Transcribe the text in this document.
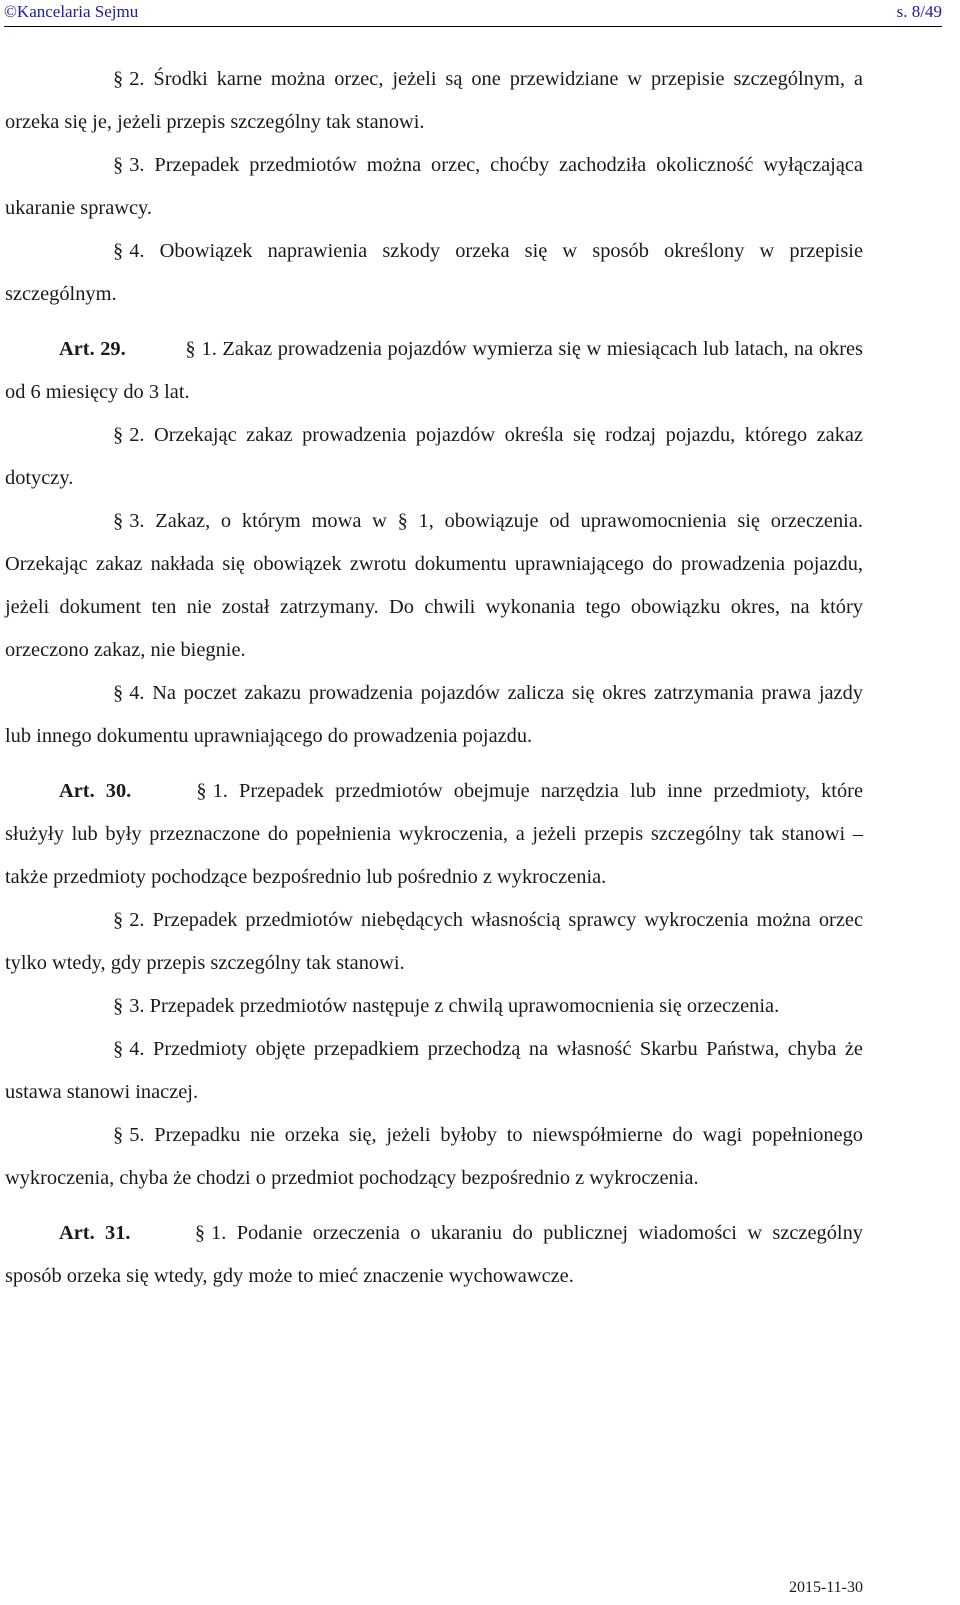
©Kancelaria Sejmu	s. 8/49

§ 2. Środki karne można orzec, jeżeli są one przewidziane w przepisie szczególnym, a orzeka się je, jeżeli przepis szczególny tak stanowi.

§ 3. Przepadek przedmiotów można orzec, choćby zachodziła okoliczność wyłączająca ukaranie sprawcy.

§ 4. Obowiązek naprawienia szkody orzeka się w sposób określony w przepisie szczególnym.

Art. 29.	§ 1. Zakaz prowadzenia pojazdów wymierza się w miesiącach lub latach, na okres od 6 miesięcy do 3 lat.

§ 2. Orzekając zakaz prowadzenia pojazdów określa się rodzaj pojazdu, którego zakaz dotyczy.

§ 3. Zakaz, o którym mowa w § 1, obowiązuje od uprawomocnienia się orzeczenia. Orzekając zakaz nakłada się obowiązek zwrotu dokumentu uprawniającego do prowadzenia pojazdu, jeżeli dokument ten nie został zatrzymany. Do chwili wykonania tego obowiązku okres, na który orzeczono zakaz, nie biegnie.

§ 4. Na poczet zakazu prowadzenia pojazdów zalicza się okres zatrzymania prawa jazdy lub innego dokumentu uprawniającego do prowadzenia pojazdu.

Art. 30.	§ 1. Przepadek przedmiotów obejmuje narzędzia lub inne przedmioty, które służyły lub były przeznaczone do popełnienia wykroczenia, a jeżeli przepis szczególny tak stanowi – także przedmioty pochodzące bezpośrednio lub pośrednio z wykroczenia.

§ 2. Przepadek przedmiotów niebędących własnością sprawcy wykroczenia można orzec tylko wtedy, gdy przepis szczególny tak stanowi.

§ 3. Przepadek przedmiotów następuje z chwilą uprawomocnienia się orzeczenia.

§ 4. Przedmioty objęte przepadkiem przechodzą na własność Skarbu Państwa, chyba że ustawa stanowi inaczej.

§ 5. Przepadku nie orzeka się, jeżeli byłoby to niewspółmierne do wagi popełnionego wykroczenia, chyba że chodzi o przedmiot pochodzący bezpośrednio z wykroczenia.

Art. 31.	§ 1. Podanie orzeczenia o ukaraniu do publicznej wiadomości w szczególny sposób orzeka się wtedy, gdy może to mieć znaczenie wychowawcze.

2015-11-30
